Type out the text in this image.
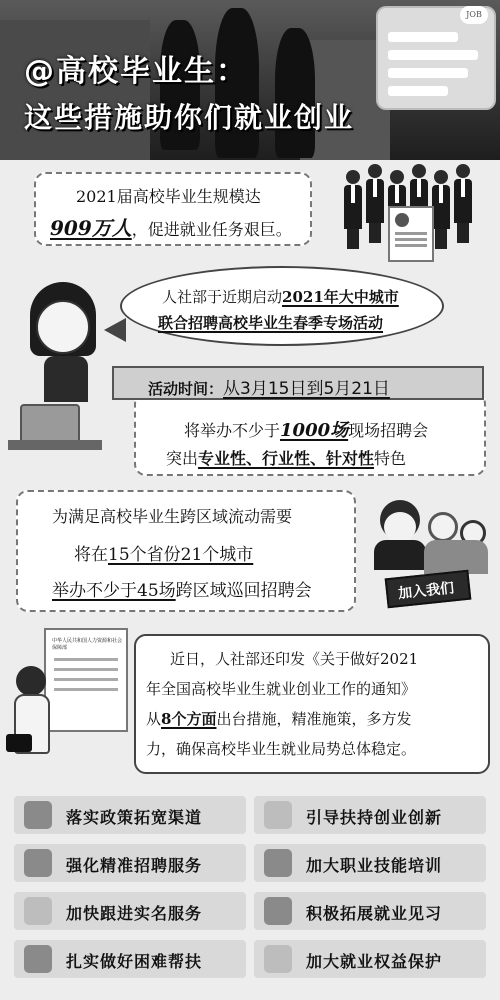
JOB
@高校毕业生：
这些措施助你们就业创业
2021届高校毕业生规模达
909万人，促进就业任务艰巨。
人社部于近期启动2021年大中城市
联合招聘高校毕业生春季专场活动
将举办不少于1000场现场招聘会
突出专业性、行业性、针对性特色
活动时间：从3月15日到5月21日
为满足高校毕业生跨区域流动需要
将在15个省份21个城市
举办不少于45场跨区域巡回招聘会	加入我们
中华人民共和国人力资源和社会保障部
近日，人社部还印发《关于做好2021
年全国高校毕业生就业创业工作的通知》
从8个方面出台措施，精准施策，多方发
力，确保高校毕业生就业局势总体稳定。
落实政策拓宽渠道	引导扶持创业创新
强化精准招聘服务	加大职业技能培训
加快跟进实名服务	积极拓展就业见习
扎实做好困难帮扶	加大就业权益保护
